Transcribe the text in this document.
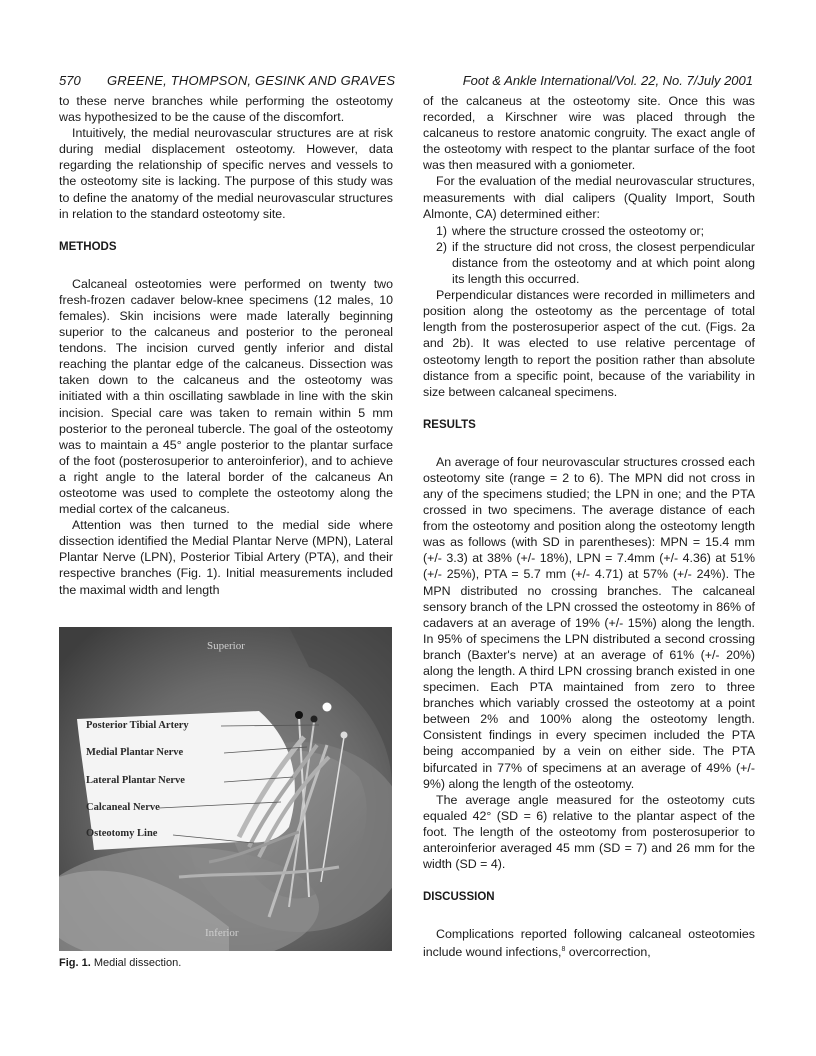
570 GREENE, THOMPSON, GESINK AND GRAVES	Foot & Ankle International/Vol. 22, No. 7/July 2001

to these nerve branches while performing the osteotomy was hypothesized to be the cause of the discomfort.

Intuitively, the medial neurovascular structures are at risk during medial displacement osteotomy. However, data regarding the relationship of specific nerves and vessels to the osteotomy site is lacking. The purpose of this study was to define the anatomy of the medial neurovascular structures in relation to the standard osteotomy site.

METHODS

Calcaneal osteotomies were performed on twenty two fresh-frozen cadaver below-knee specimens (12 males, 10 females). Skin incisions were made laterally beginning superior to the calcaneus and posterior to the peroneal tendons. The incision curved gently inferior and distal reaching the plantar edge of the calcaneus. Dissection was taken down to the calcaneus and the osteotomy was initiated with a thin oscillating sawblade in line with the skin incision. Special care was taken to remain within 5 mm posterior to the peroneal tubercle. The goal of the osteotomy was to maintain a 45° angle posterior to the plantar surface of the foot (posterosuperior to anteroinferior), and to achieve a right angle to the lateral border of the calcaneus An osteotome was used to complete the osteotomy along the medial cortex of the calcaneus.

Attention was then turned to the medial side where dissection identified the Medial Plantar Nerve (MPN), Lateral Plantar Nerve (LPN), Posterior Tibial Artery (PTA), and their respective branches (Fig. 1). Initial measurements included the maximal width and length

Superior
Posterior Tibial Artery
Medial Plantar Nerve
Lateral Plantar Nerve
Calcaneal Nerve
Osteotomy Line
Inferior
Fig. 1. Medial dissection.

of the calcaneus at the osteotomy site. Once this was recorded, a Kirschner wire was placed through the calcaneus to restore anatomic congruity. The exact angle of the osteotomy with respect to the plantar surface of the foot was then measured with a goniometer.

For the evaluation of the medial neurovascular structures, measurements with dial calipers (Quality Import, South Almonte, CA) determined either:

1) where the structure crossed the osteotomy or;
2) if the structure did not cross, the closest perpendicular distance from the osteotomy and at which point along its length this occurred.

Perpendicular distances were recorded in millimeters and position along the osteotomy as the percentage of total length from the posterosuperior aspect of the cut. (Figs. 2a and 2b). It was elected to use relative percentage of osteotomy length to report the position rather than absolute distance from a specific point, because of the variability in size between calcaneal specimens.

RESULTS

An average of four neurovascular structures crossed each osteotomy site (range = 2 to 6). The MPN did not cross in any of the specimens studied; the LPN in one; and the PTA crossed in two specimens. The average distance of each from the osteotomy and position along the osteotomy length was as follows (with SD in parentheses): MPN = 15.4 mm (+/- 3.3) at 38% (+/- 18%), LPN = 7.4mm (+/- 4.36) at 51% (+/- 25%), PTA = 5.7 mm (+/- 4.71) at 57% (+/- 24%). The MPN distributed no crossing branches. The calcaneal sensory branch of the LPN crossed the osteotomy in 86% of cadavers at an average of 19% (+/- 15%) along the length. In 95% of specimens the LPN distributed a second crossing branch (Baxter's nerve) at an average of 61% (+/- 20%) along the length. A third LPN crossing branch existed in one specimen. Each PTA maintained from zero to three branches which variably crossed the osteotomy at a point between 2% and 100% along the osteotomy length. Consistent findings in every specimen included the PTA being accompanied by a vein on either side. The PTA bifurcated in 77% of specimens at an average of 49% (+/- 9%) along the length of the osteotomy.

The average angle measured for the osteotomy cuts equaled 42° (SD = 6) relative to the plantar aspect of the foot. The length of the osteotomy from posterosuperior to anteroinferior averaged 45 mm (SD = 7) and 26 mm for the width (SD = 4).

DISCUSSION

Complications reported following calcaneal osteotomies include wound infections,$^8$ overcorrection,
